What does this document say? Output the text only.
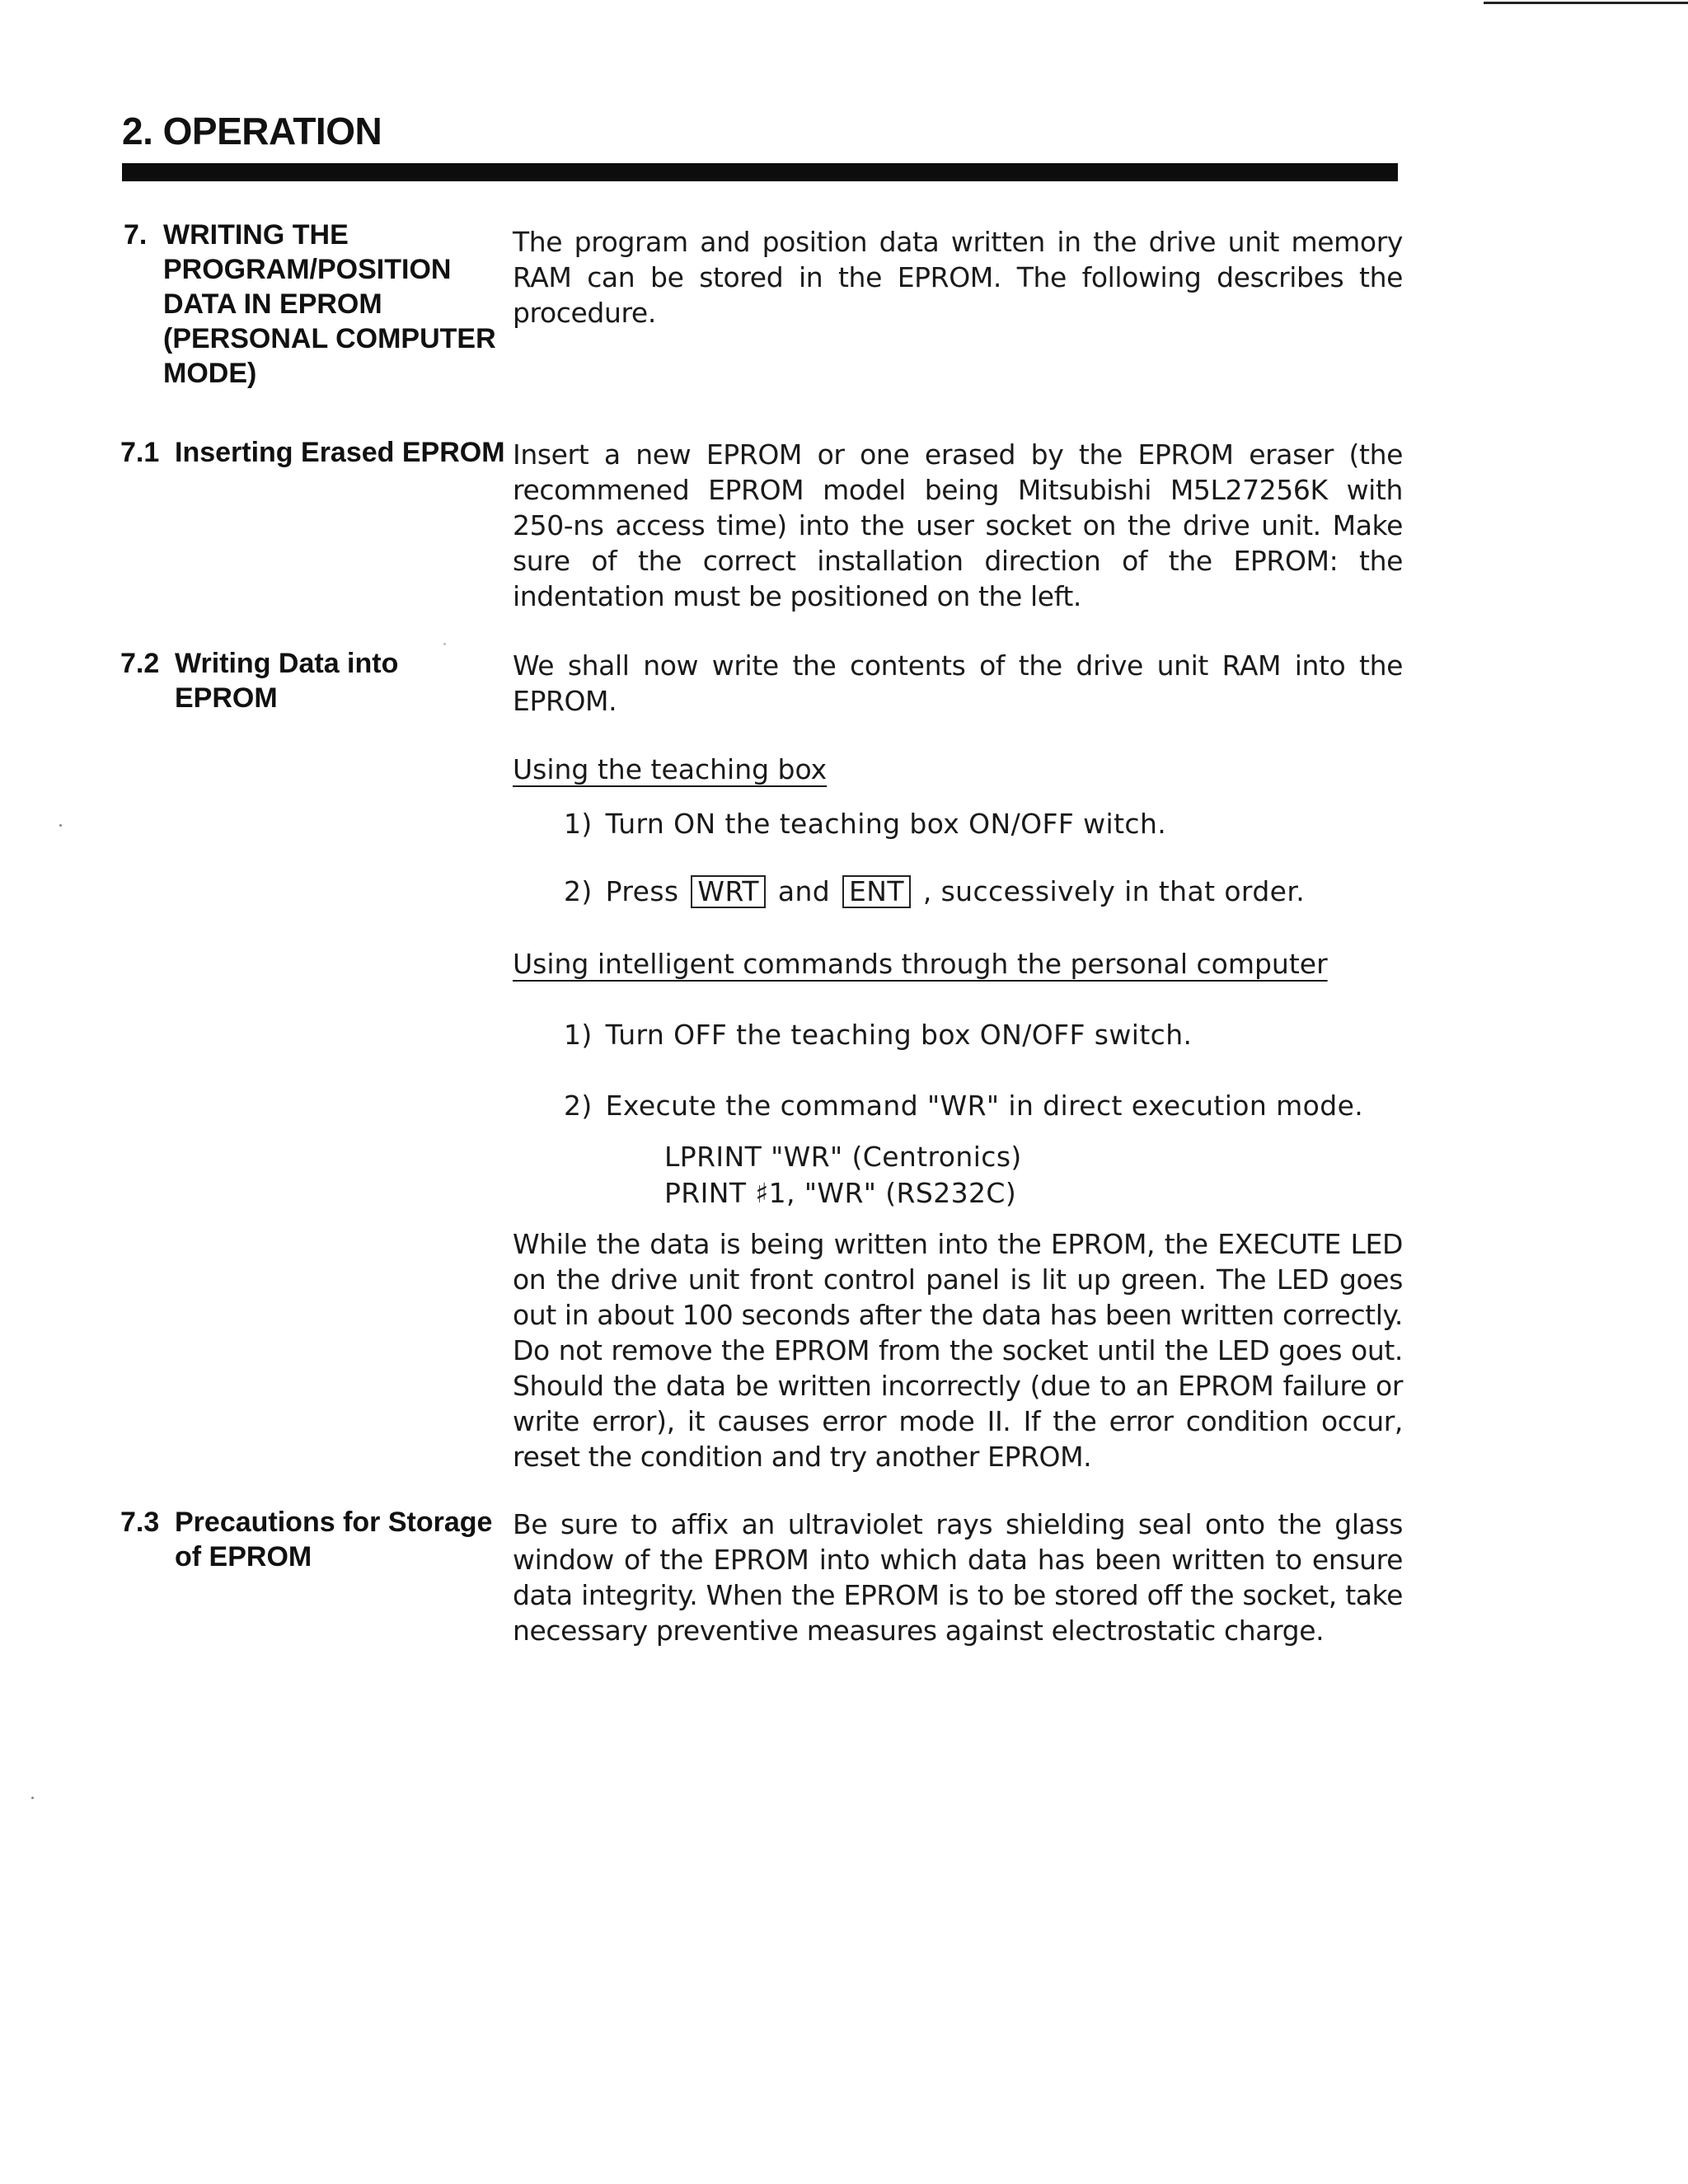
2. OPERATION
7. WRITING THE
PROGRAM/POSITION
DATA IN EPROM
(PERSONAL COMPUTER
MODE)
The program and position data written in the drive unit memory
RAM can be stored in the EPROM. The following describes the
procedure.
7.1 Inserting Erased EPROM Insert a new EPROM or one erased by the EPROM eraser (the
recommened EPROM model being Mitsubishi M5L27256K with
250-ns access time) into the user socket on the drive unit. Make
sure of the correct installation direction of the EPROM: the
indentation must be positioned on the left.
7.2 Writing Data into
EPROM
We shall now write the contents of the drive unit RAM into the
EPROM.
Using the teaching box
1) Turn ON the teaching box ON/OFF witch.
2) Press WRT and ENT , successively in that order.
Using intelligent commands through the personal computer
1) Turn OFF the teaching box ON/OFF switch.
2) Execute the command "WR" in direct execution mode.
LPRINT "WR" (Centronics)
PRINT ♯1, "WR" (RS232C)
While the data is being written into the EPROM, the EXECUTE LED
on the drive unit front control panel is lit up green. The LED goes
out in about 100 seconds after the data has been written correctly.
Do not remove the EPROM from the socket until the LED goes out.
Should the data be written incorrectly (due to an EPROM failure or
write error), it causes error mode II. If the error condition occur,
reset the condition and try another EPROM.
7.3 Precautions for Storage
of EPROM
Be sure to affix an ultraviolet rays shielding seal onto the glass
window of the EPROM into which data has been written to ensure
data integrity. When the EPROM is to be stored off the socket, take
necessary preventive measures against electrostatic charge.
